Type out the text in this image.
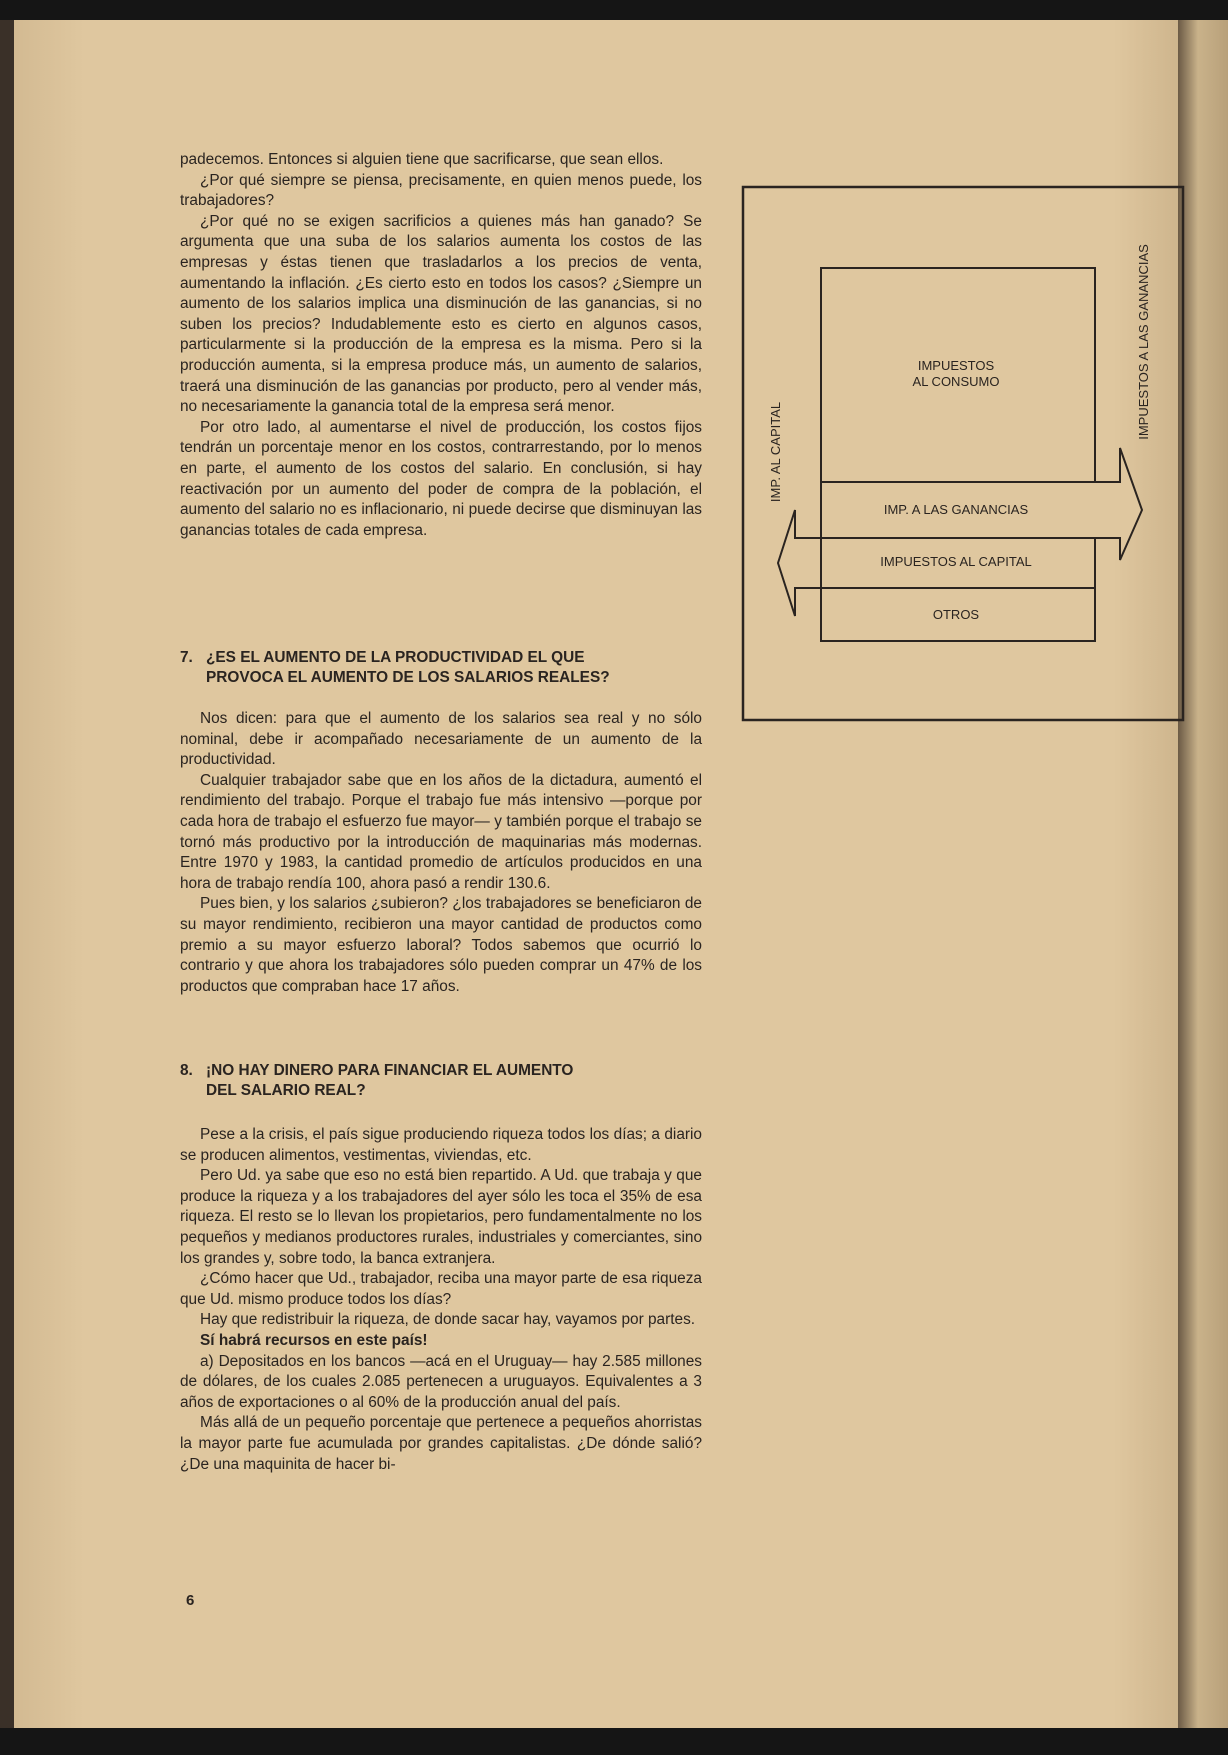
padecemos. Entonces si alguien tiene que sacrificarse, que sean ellos.

¿Por qué siempre se piensa, precisamente, en quien menos puede, los trabajadores?

¿Por qué no se exigen sacrificios a quienes más han ganado? Se argumenta que una suba de los salarios aumenta los costos de las empresas y éstas tienen que trasladarlos a los precios de venta, aumentando la inflación. ¿Es cierto esto en todos los casos? ¿Siempre un aumento de los salarios implica una disminución de las ganancias, si no suben los precios? Indudablemente esto es cierto en algunos casos, particularmente si la producción de la empresa es la misma. Pero si la producción aumenta, si la empresa produce más, un aumento de salarios, traerá una disminución de las ganancias por producto, pero al vender más, no necesariamente la ganancia total de la empresa será menor.

Por otro lado, al aumentarse el nivel de producción, los costos fijos tendrán un porcentaje menor en los costos, contrarrestando, por lo menos en parte, el aumento de los costos del salario. En conclusión, si hay reactivación por un aumento del poder de compra de la población, el aumento del salario no es inflacionario, ni puede decirse que disminuyan las ganancias totales de cada empresa.

7. ¿ES EL AUMENTO DE LA PRODUCTIVIDAD EL QUE
PROVOCA EL AUMENTO DE LOS SALARIOS REALES?

Nos dicen: para que el aumento de los salarios sea real y no sólo nominal, debe ir acompañado necesariamente de un aumento de la productividad.

Cualquier trabajador sabe que en los años de la dictadura, aumentó el rendimiento del trabajo. Porque el trabajo fue más intensivo —porque por cada hora de trabajo el esfuerzo fue mayor— y también porque el trabajo se tornó más productivo por la introducción de maquinarias más modernas. Entre 1970 y 1983, la cantidad promedio de artículos producidos en una hora de trabajo rendía 100, ahora pasó a rendir 130.6.

Pues bien, y los salarios ¿subieron? ¿los trabajadores se beneficiaron de su mayor rendimiento, recibieron una mayor cantidad de productos como premio a su mayor esfuerzo laboral? Todos sabemos que ocurrió lo contrario y que ahora los trabajadores sólo pueden comprar un 47% de los productos que compraban hace 17 años.

8. ¡NO HAY DINERO PARA FINANCIAR EL AUMENTO
DEL SALARIO REAL?

Pese a la crisis, el país sigue produciendo riqueza todos los días; a diario se producen alimentos, vestimentas, viviendas, etc.

Pero Ud. ya sabe que eso no está bien repartido. A Ud. que trabaja y que produce la riqueza y a los trabajadores del ayer sólo les toca el 35% de esa riqueza. El resto se lo llevan los propietarios, pero fundamentalmente no los pequeños y medianos productores rurales, industriales y comerciantes, sino los grandes y, sobre todo, la banca extranjera.

¿Cómo hacer que Ud., trabajador, reciba una mayor parte de esa riqueza que Ud. mismo produce todos los días?

Hay que redistribuir la riqueza, de donde sacar hay, vayamos por partes.

Sí habrá recursos en este país!

a) Depositados en los bancos —acá en el Uruguay— hay 2.585 millones de dólares, de los cuales 2.085 pertenecen a uruguayos. Equivalentes a 3 años de exportaciones o al 60% de la producción anual del país.

Más allá de un pequeño porcentaje que pertenece a pequeños ahorristas la mayor parte fue acumulada por grandes capitalistas. ¿De dónde salió? ¿De una maquinita de hacer bi-

6
IMPUESTOS
AL CONSUMO
IMP. A LAS GANANCIAS
IMPUESTOS AL CAPITAL
OTROS
IMP. AL CAPITAL
IMPUESTOS A LAS GANANCIAS
